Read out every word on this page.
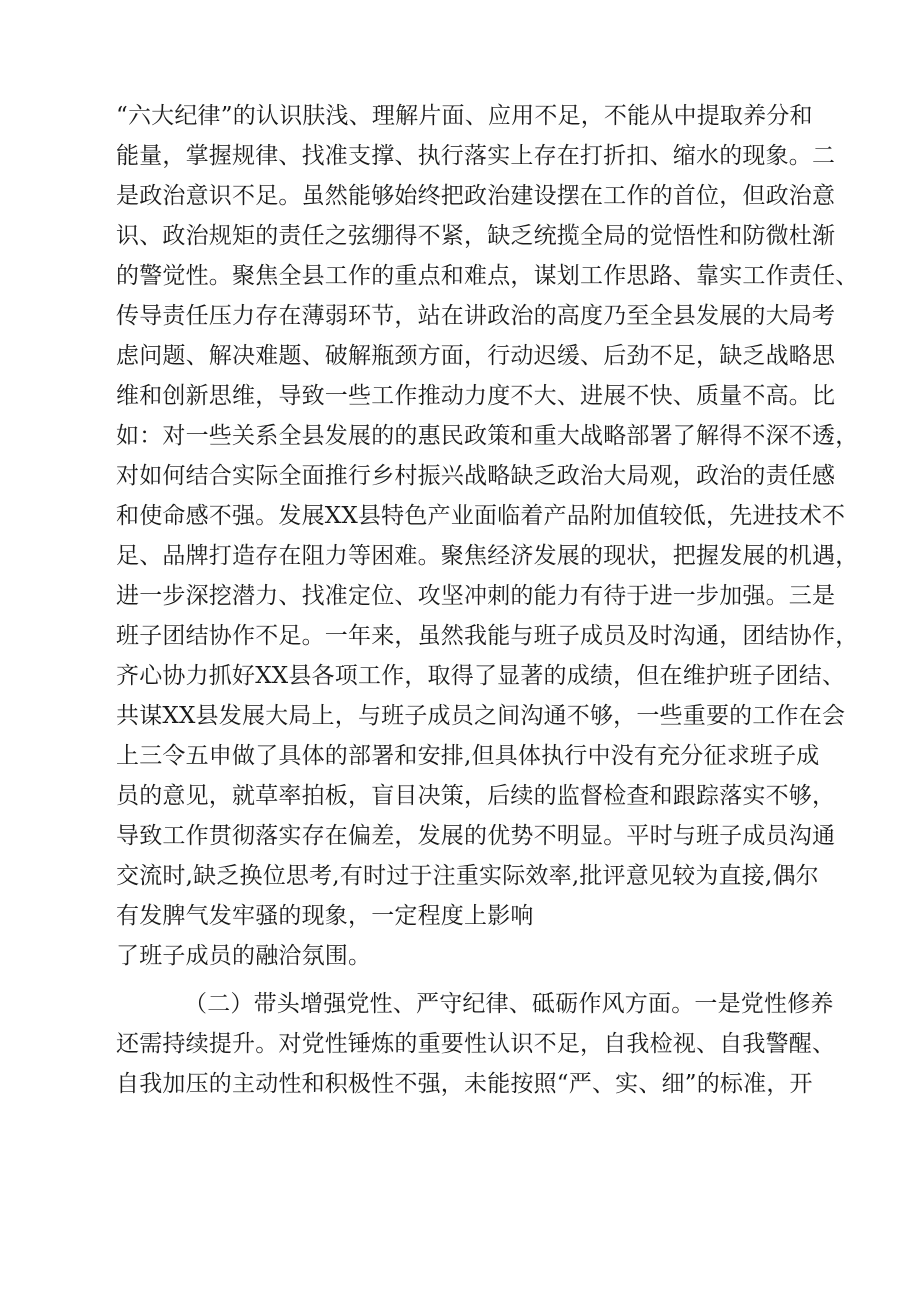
“六大纪律”的认识肤浅、理解片面、应用不足，不能从中提取养分和
能量，掌握规律、找准支撑、执行落实上存在打折扣、缩水的现象。二
是政治意识不足。虽然能够始终把政治建设摆在工作的首位，但政治意
识、政治规矩的责任之弦绷得不紧，缺乏统揽全局的觉悟性和防微杜渐
的警觉性。聚焦全县工作的重点和难点，谋划工作思路、靠实工作责任、
传导责任压力存在薄弱环节，站在讲政治的高度乃至全县发展的大局考
虑问题、解决难题、破解瓶颈方面，行动迟缓、后劲不足，缺乏战略思
维和创新思维，导致一些工作推动力度不大、进展不快、质量不高。比
如：对一些关系全县发展的的惠民政策和重大战略部署了解得不深不透，
对如何结合实际全面推行乡村振兴战略缺乏政治大局观，政治的责任感
和使命感不强。发展XX县特色产业面临着产品附加值较低，先进技术不
足、品牌打造存在阻力等困难。聚焦经济发展的现状，把握发展的机遇，
进一步深挖潜力、找准定位、攻坚冲刺的能力有待于进一步加强。三是
班子团结协作不足。一年来，虽然我能与班子成员及时沟通，团结协作，
齐心协力抓好XX县各项工作，取得了显著的成绩，但在维护班子团结、
共谋XX县发展大局上，与班子成员之间沟通不够，一些重要的工作在会
上三令五申做了具体的部署和安排,但具体执行中没有充分征求班子成
员的意见，就草率拍板，盲目决策，后续的监督检查和跟踪落实不够，
导致工作贯彻落实存在偏差，发展的优势不明显。平时与班子成员沟通
交流时,缺乏换位思考,有时过于注重实际效率,批评意见较为直接,偶尔
有发脾气发牢骚的现象，一定程度上影响
了班子成员的融洽氛围。
（二）带头增强党性、严守纪律、砥砺作风方面。一是党性修养
还需持续提升。对党性锤炼的重要性认识不足，自我检视、自我警醒、
自我加压的主动性和积极性不强，未能按照“严、实、细”的标准，开
